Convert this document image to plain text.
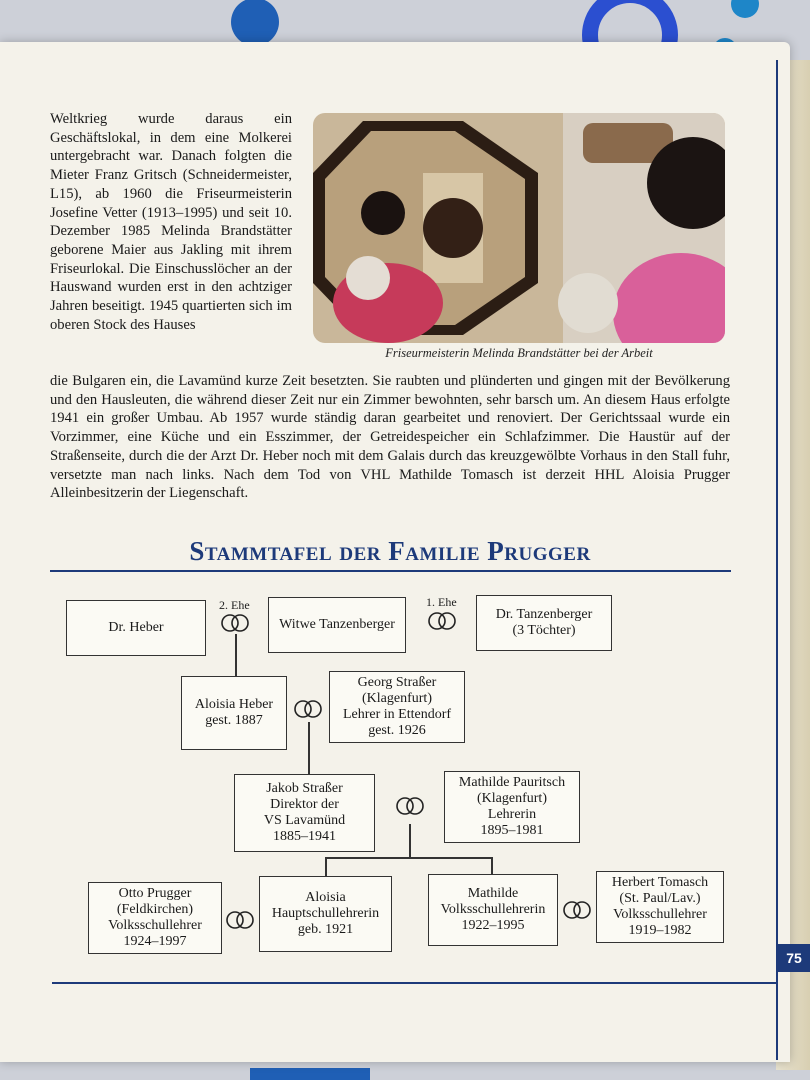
Weltkrieg wurde daraus ein Geschäftslokal, in dem eine Molkerei untergebracht war. Danach folgten die Mieter Franz Gritsch (Schneidermeister, L15), ab 1960 die Friseurmeisterin Josefine Vetter (1913–1995) und seit 10. Dezember 1985 Melinda Brandstätter geborene Maier aus Jakling mit ihrem Friseurlokal. Die Einschusslöcher an der Hauswand wurden erst in den achtziger Jahren beseitigt. 1945 quartierten sich im oberen Stock des Hauses

Friseurmeisterin Melinda Brandstätter bei der Arbeit

die Bulgaren ein, die Lavamünd kurze Zeit besetzten. Sie raubten und plünderten und gingen mit der Bevölkerung und den Hausleuten, die während dieser Zeit nur ein Zimmer bewohnten, sehr barsch um. An diesem Haus erfolgte 1941 ein großer Umbau. Ab 1957 wurde ständig daran gearbeitet und renoviert. Der Gerichtssaal wurde ein Vorzimmer, eine Küche und ein Esszimmer, der Getreidespeicher ein Schlafzimmer. Die Haustür auf der Straßenseite, durch die der Arzt Dr. Heber noch mit dem Galais durch das kreuzgewölbte Vorhaus in den Stall fuhr, versetzte man nach links. Nach dem Tod von VHL Mathilde Tomasch ist derzeit HHL Aloisia Prugger Alleinbesitzerin der Liegenschaft.

Stammtafel der Familie Prugger
Dr. Heber
2. Ehe
Witwe Tanzenberger
1. Ehe
Dr. Tanzenberger
(3 Töchter)
Aloisia Heber
gest. 1887
Georg Straßer
(Klagenfurt)
Lehrer in Ettendorf
gest. 1926
Jakob Straßer
Direktor der
VS Lavamünd
1885–1941
Mathilde Pauritsch
(Klagenfurt)
Lehrerin
1895–1981
Otto Prugger
(Feldkirchen)
Volksschullehrer
1924–1997
Aloisia
Hauptschullehrerin
geb. 1921
Mathilde
Volksschullehrerin
1922–1995
Herbert Tomasch
(St. Paul/Lav.)
Volksschullehrer
1919–1982
75
